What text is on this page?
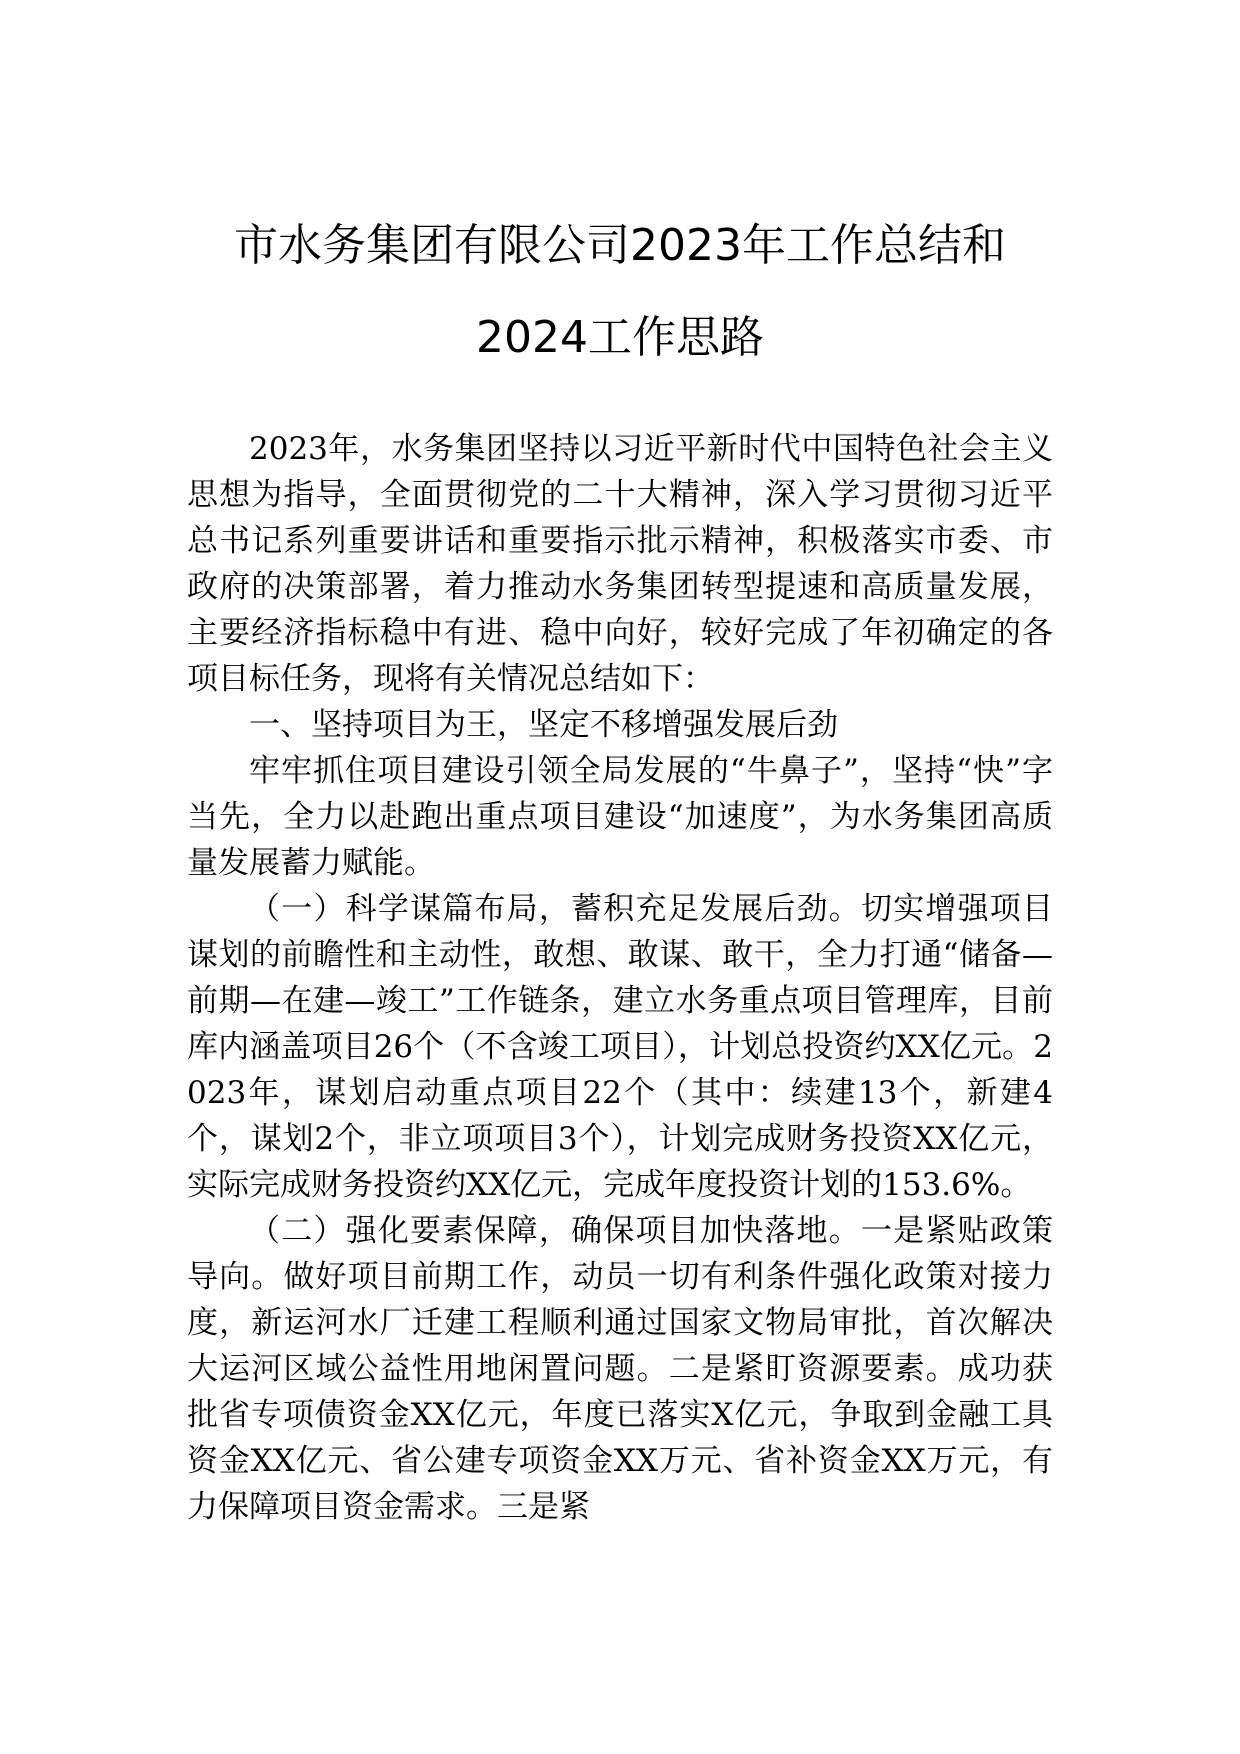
市水务集团有限公司2023年工作总结和
2024工作思路

2023年，水务集团坚持以习近平新时代中国特色社会主义思想为指导，全面贯彻党的二十大精神，深入学习贯彻习近平总书记系列重要讲话和重要指示批示精神，积极落实市委、市政府的决策部署，着力推动水务集团转型提速和高质量发展，主要经济指标稳中有进、稳中向好，较好完成了年初确定的各项目标任务，现将有关情况总结如下：

一、坚持项目为王，坚定不移增强发展后劲

牢牢抓住项目建设引领全局发展的“牛鼻子”，坚持“快”字当先，全力以赴跑出重点项目建设“加速度”，为水务集团高质量发展蓄力赋能。

（一）科学谋篇布局，蓄积充足发展后劲。切实增强项目谋划的前瞻性和主动性，敢想、敢谋、敢干，全力打通“储备—前期—在建—竣工”工作链条，建立水务重点项目管理库，目前库内涵盖项目26个（不含竣工项目），计划总投资约XX亿元。2023年，谋划启动重点项目22个（其中：续建13个，新建4个，谋划2个，非立项项目3个），计划完成财务投资XX亿元，实际完成财务投资约XX亿元，完成年度投资计划的153.6%。

（二）强化要素保障，确保项目加快落地。一是紧贴政策导向。做好项目前期工作，动员一切有利条件强化政策对接力度，新运河水厂迁建工程顺利通过国家文物局审批，首次解决大运河区域公益性用地闲置问题。二是紧盯资源要素。成功获批省专项债资金XX亿元，年度已落实X亿元，争取到金融工具资金XX亿元、省公建专项资金XX万元、省补资金XX万元，有力保障项目资金需求。三是紧
